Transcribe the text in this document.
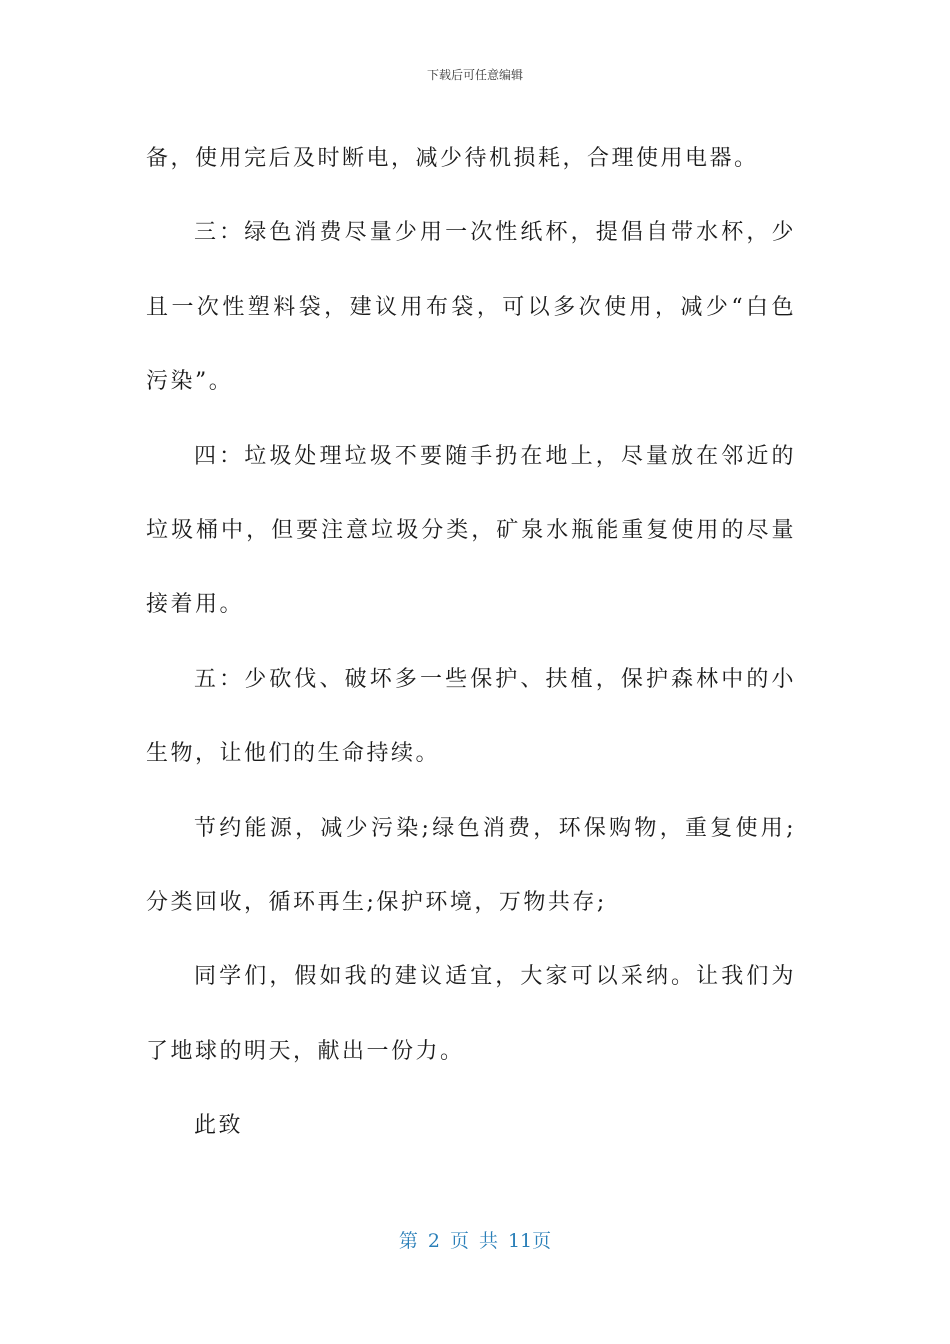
下载后可任意编辑

备，使用完后及时断电，减少待机损耗，合理使用电器。

三：绿色消费尽量少用一次性纸杯，提倡自带水杯，少且一次性塑料袋，建议用布袋，可以多次使用，减少“白色污染”。

四：垃圾处理垃圾不要随手扔在地上，尽量放在邻近的垃圾桶中，但要注意垃圾分类，矿泉水瓶能重复使用的尽量接着用。

五：少砍伐、破坏多一些保护、扶植，保护森林中的小生物，让他们的生命持续。

节约能源，减少污染;绿色消费，环保购物，重复使用;分类回收，循环再生;保护环境，万物共存;

同学们，假如我的建议适宜，大家可以采纳。让我们为了地球的明天，献出一份力。

此致

第 2 页 共 11页
